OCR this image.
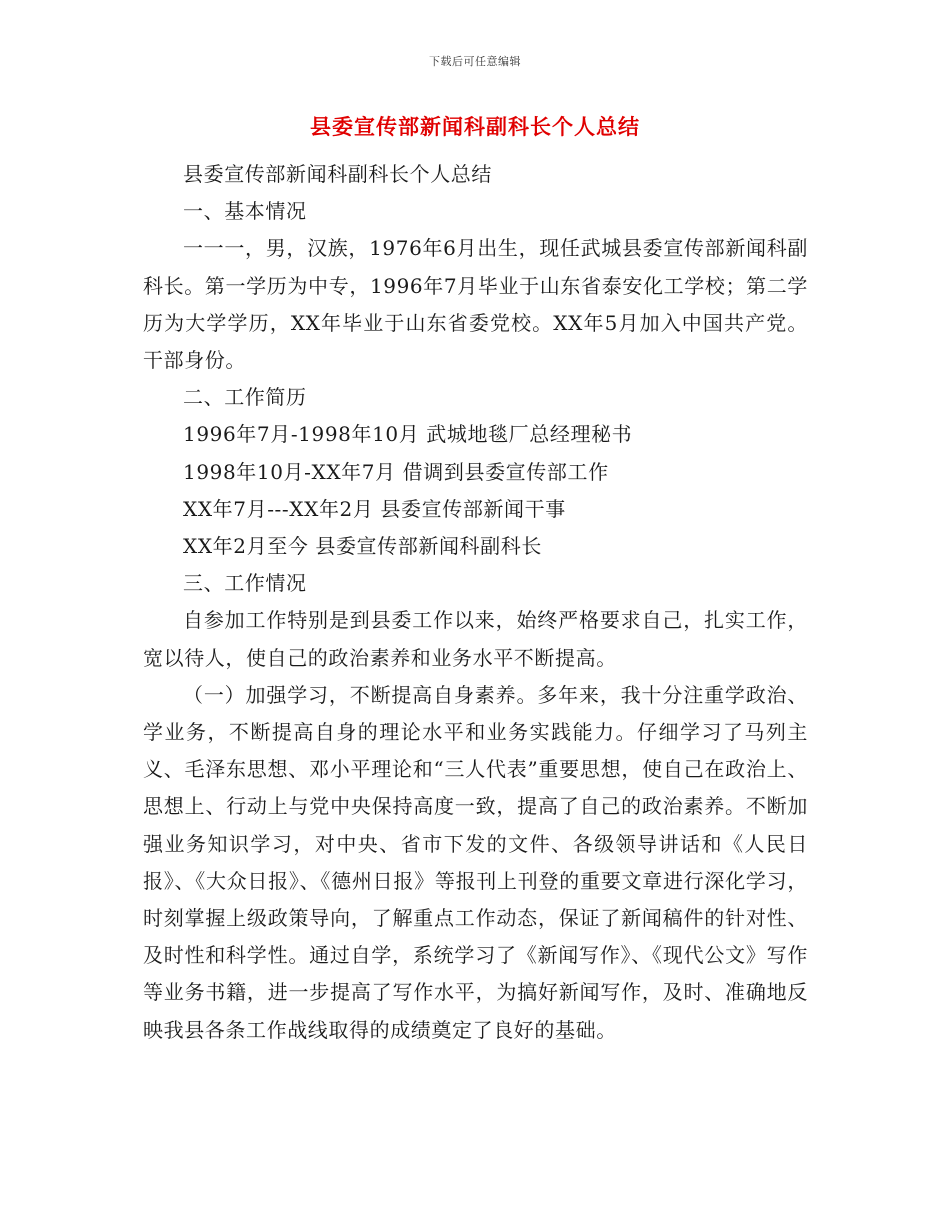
下载后可任意编辑
县委宣传部新闻科副科长个人总结

县委宣传部新闻科副科长个人总结

一、基本情况

一一一，男，汉族，1976年6月出生，现任武城县委宣传部新闻科副科长。第一学历为中专，1996年7月毕业于山东省泰安化工学校；第二学历为大学学历，XX年毕业于山东省委党校。XX年5月加入中国共产党。干部身份。

二、工作简历

1996年7月-1998年10月 武城地毯厂总经理秘书

1998年10月-XX年7月 借调到县委宣传部工作

XX年7月---XX年2月 县委宣传部新闻干事

XX年2月至今 县委宣传部新闻科副科长

三、工作情况

自参加工作特别是到县委工作以来，始终严格要求自己，扎实工作，宽以待人，使自己的政治素养和业务水平不断提高。

（一）加强学习，不断提高自身素养。多年来，我十分注重学政治、学业务，不断提高自身的理论水平和业务实践能力。仔细学习了马列主义、毛泽东思想、邓小平理论和“三人代表”重要思想，使自己在政治上、思想上、行动上与党中央保持高度一致，提高了自己的政治素养。不断加强业务知识学习，对中央、省市下发的文件、各级领导讲话和《人民日报》、《大众日报》、《德州日报》等报刊上刊登的重要文章进行深化学习，时刻掌握上级政策导向，了解重点工作动态，保证了新闻稿件的针对性、及时性和科学性。通过自学，系统学习了《新闻写作》、《现代公文》写作等业务书籍，进一步提高了写作水平，为搞好新闻写作，及时、准确地反映我县各条工作战线取得的成绩奠定了良好的基础。
